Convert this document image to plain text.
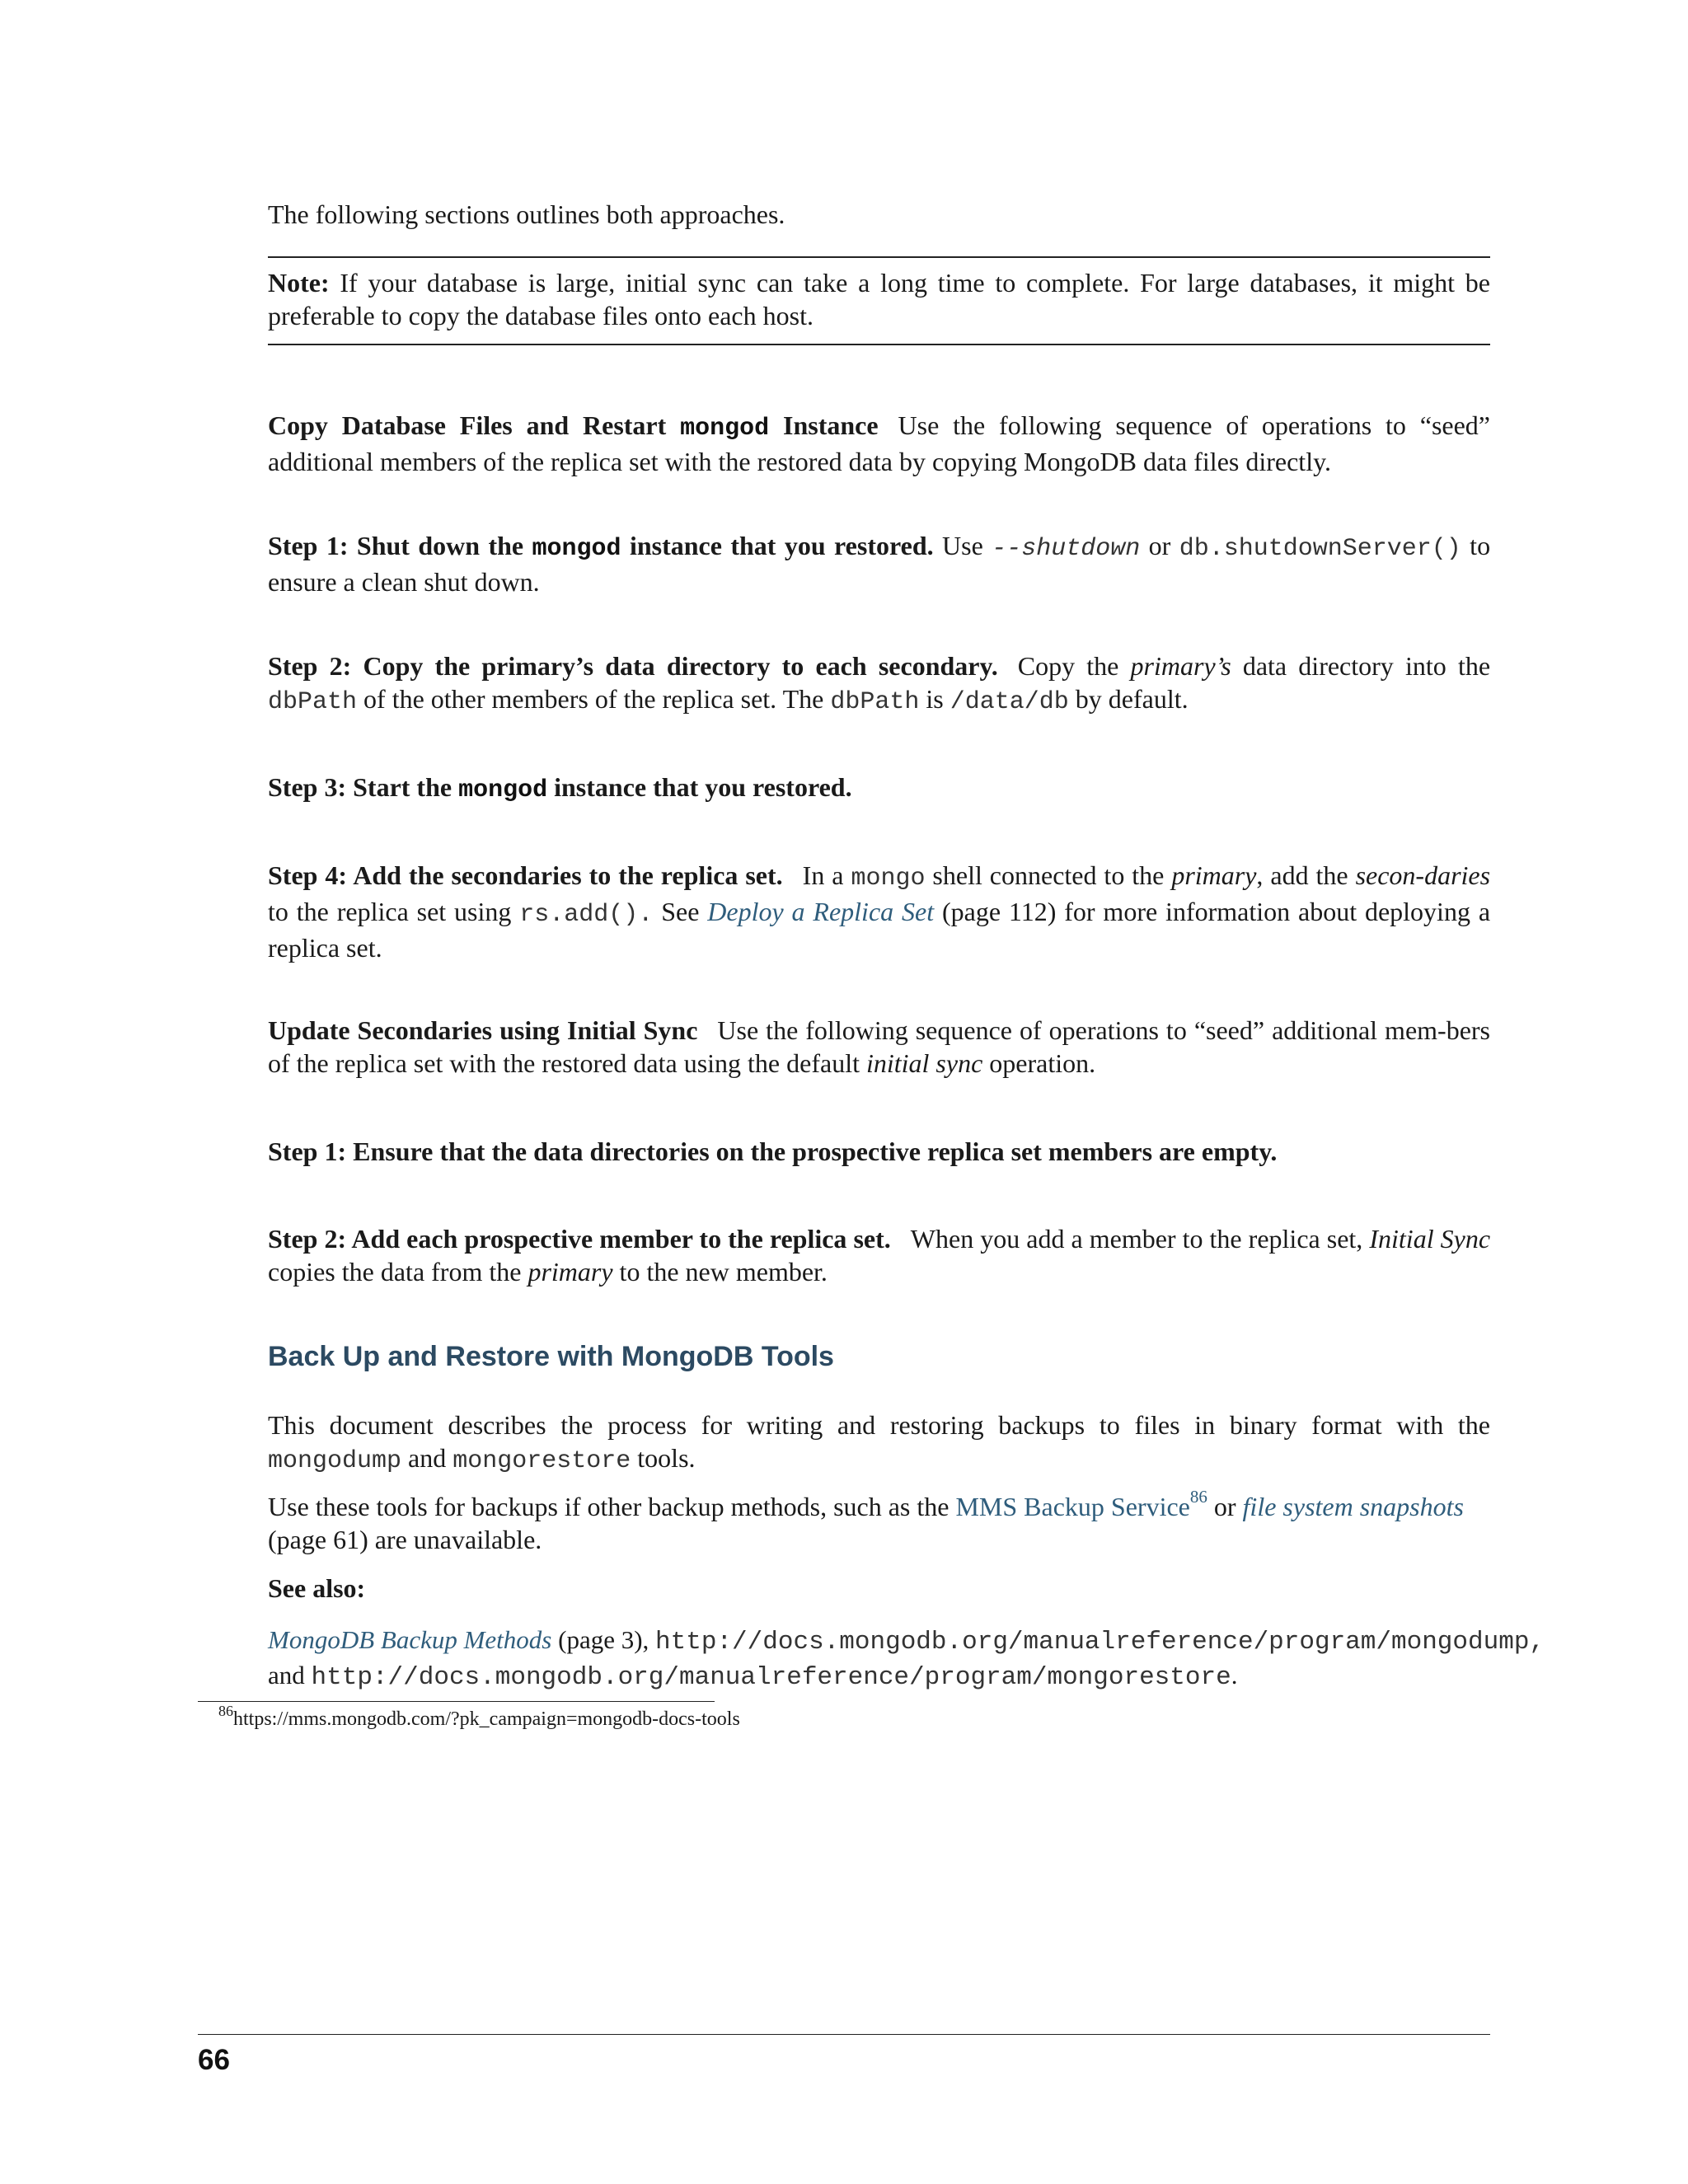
The following sections outlines both approaches.

Note: If your database is large, initial sync can take a long time to complete. For large databases, it might be preferable to copy the database files onto each host.

Copy Database Files and Restart mongod Instance Use the following sequence of operations to “seed” additional members of the replica set with the restored data by copying MongoDB data files directly.

Step 1: Shut down the mongod instance that you restored. Use --shutdown or db.shutdownServer() to ensure a clean shut down.

Step 2: Copy the primary’s data directory to each secondary. Copy the primary’s data directory into the dbPath of the other members of the replica set. The dbPath is /data/db by default.

Step 3: Start the mongod instance that you restored.

Step 4: Add the secondaries to the replica set. In a mongo shell connected to the primary, add the secon-daries to the replica set using rs.add(). See Deploy a Replica Set (page 112) for more information about deploying a replica set.

Update Secondaries using Initial Sync Use the following sequence of operations to “seed” additional mem-bers of the replica set with the restored data using the default initial sync operation.

Step 1: Ensure that the data directories on the prospective replica set members are empty.

Step 2: Add each prospective member to the replica set. When you add a member to the replica set, Initial Sync copies the data from the primary to the new member.

Back Up and Restore with MongoDB Tools

This document describes the process for writing and restoring backups to files in binary format with the mongodump and mongorestore tools.

Use these tools for backups if other backup methods, such as the MMS Backup Service$^{86}$ or file system snapshots (page 61) are unavailable.

See also:

MongoDB Backup Methods (page 3), http://docs.mongodb.org/manualreference/program/mongodump,
and http://docs.mongodb.org/manualreference/program/mongorestore.

$^{86}$https://mms.mongodb.com/?pk_campaign=mongodb-docs-tools
66
